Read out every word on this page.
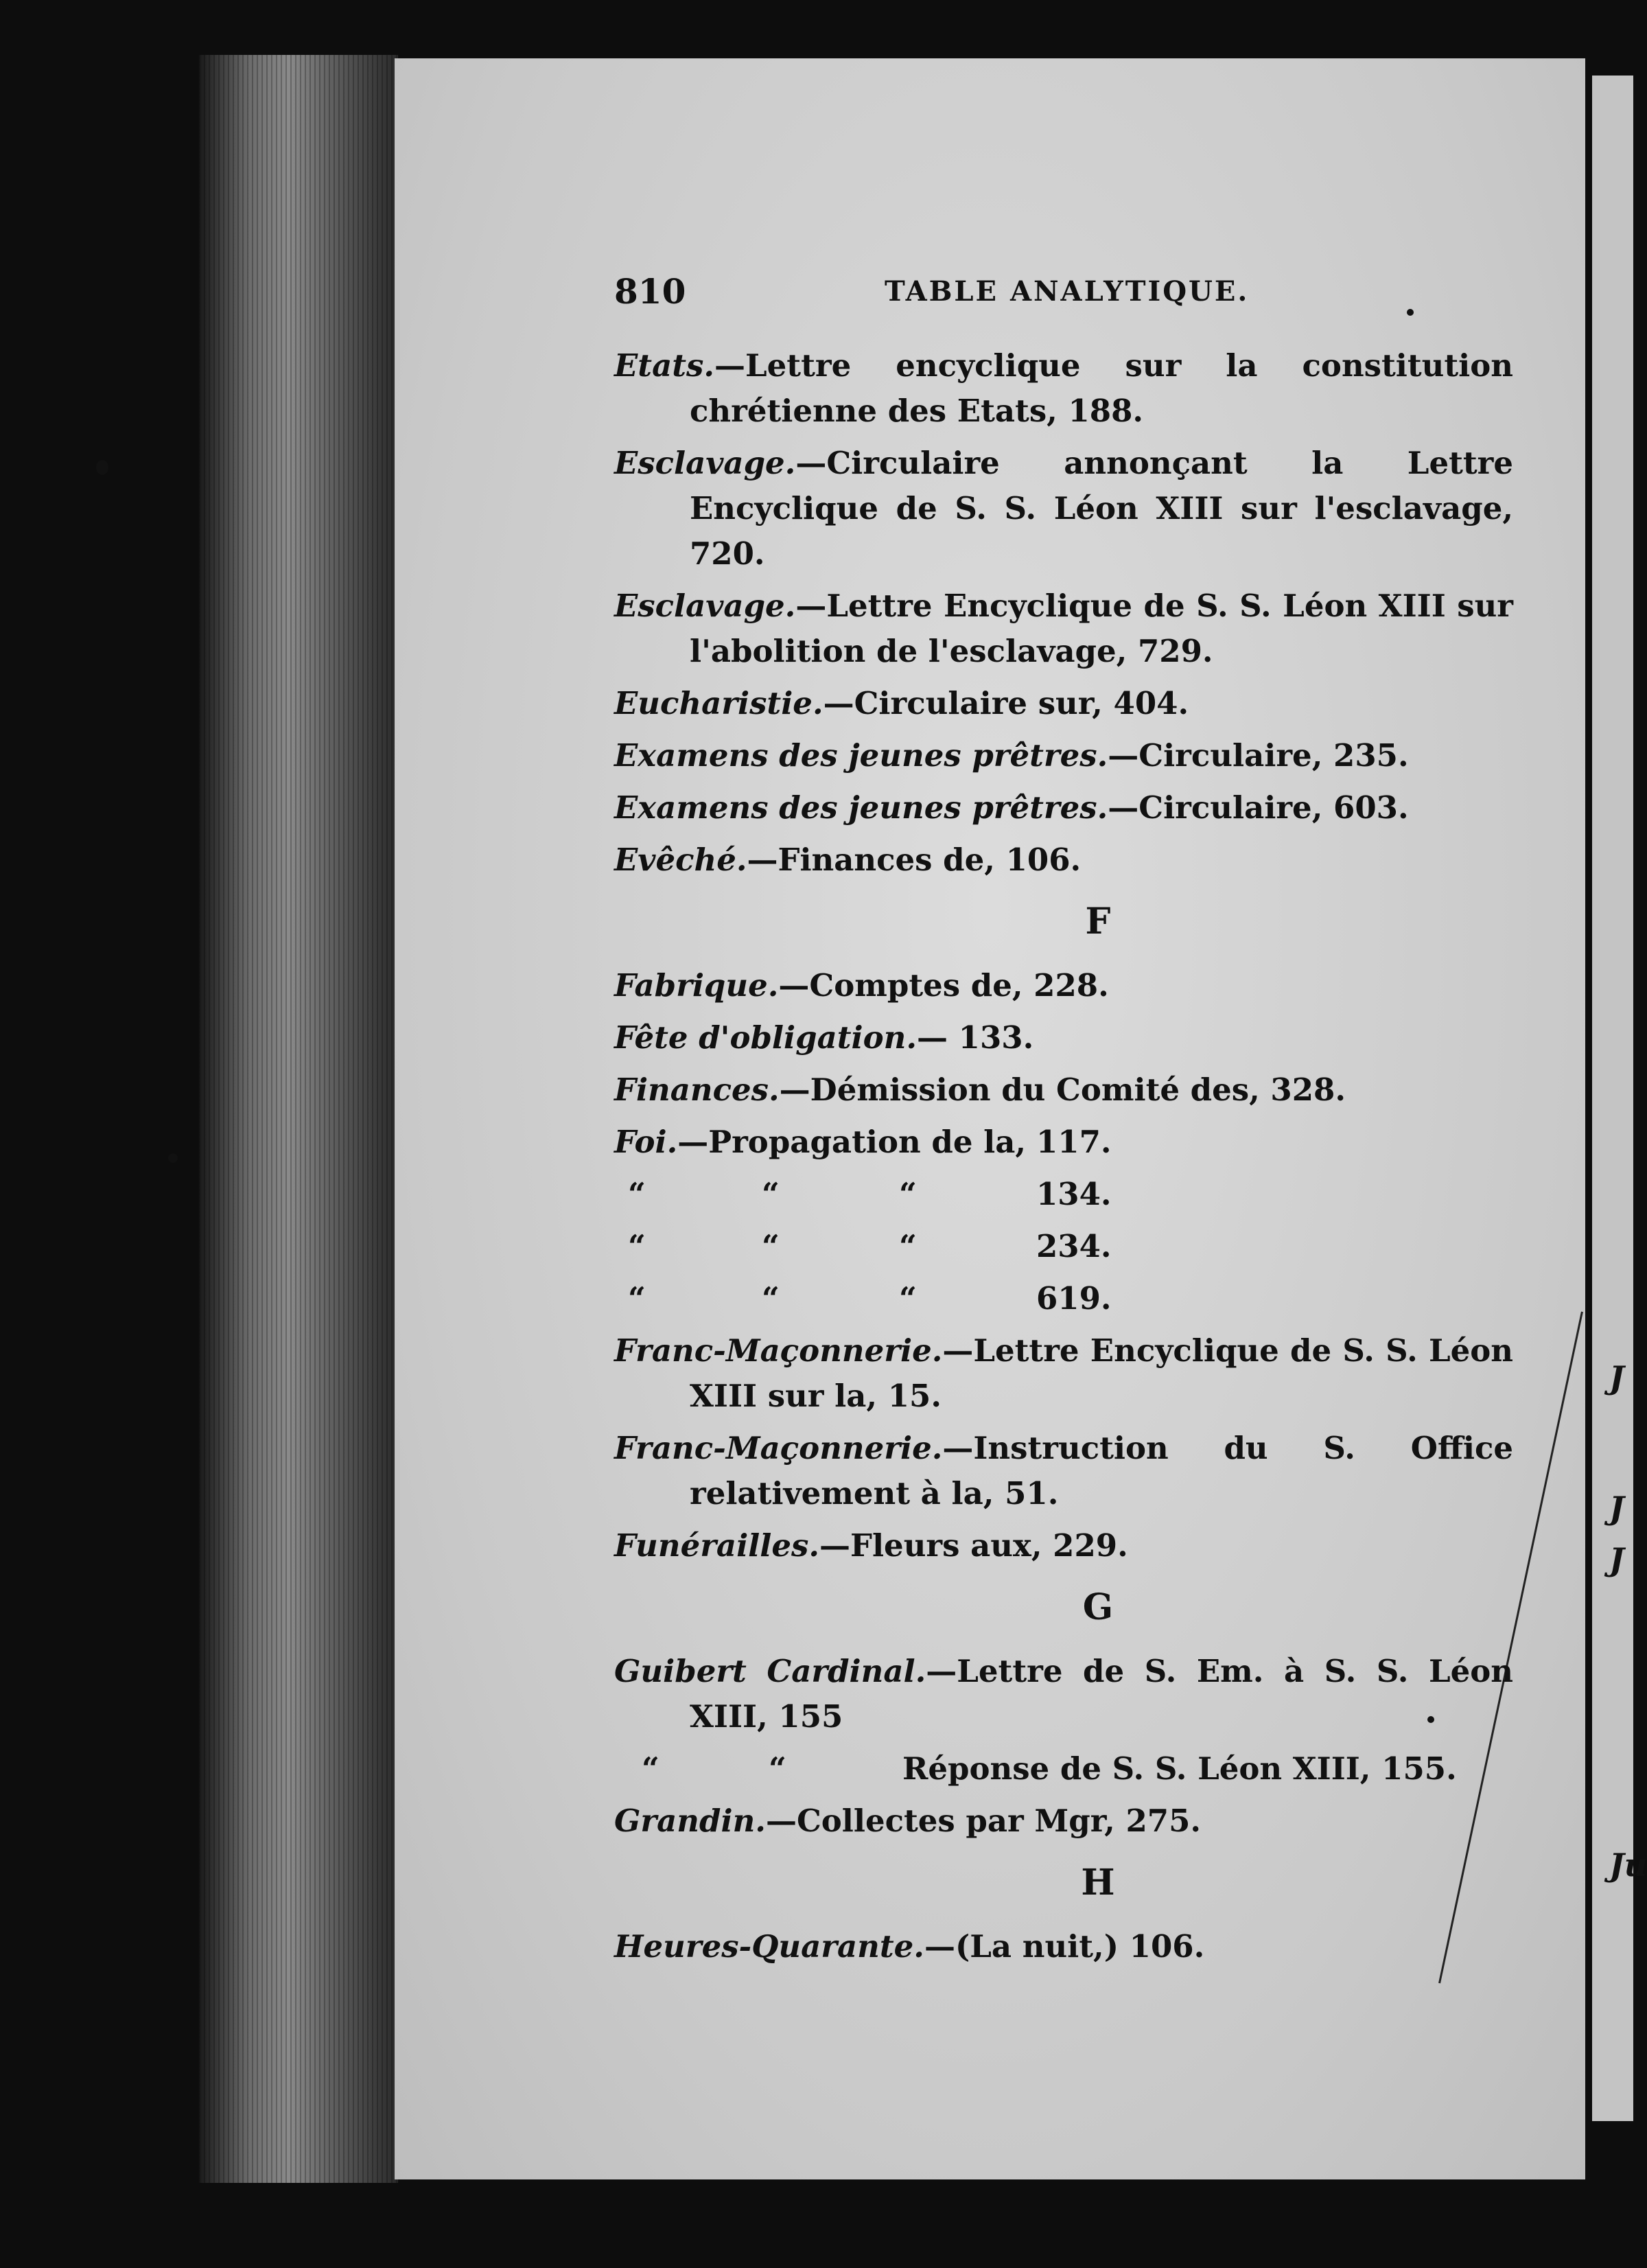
J
J
J
Ju
810	TABLE ANALYTIQUE.
Etats.—Lettre encyclique sur la constitution chrétienne des Etats, 188.
Esclavage.—Circulaire annonçant la Lettre Encyclique de S. S. Léon XIII sur l'esclavage, 720.
Esclavage.—Lettre Encyclique de S. S. Léon XIII sur l'abolition de l'esclavage, 729.
Eucharistie.—Circulaire sur, 404.
Examens des jeunes prêtres.—Circulaire, 235.
Examens des jeunes prêtres.—Circulaire, 603.
Evêché.—Finances de, 106.
F
Fabrique.—Comptes de, 228.
Fête d'obligation.— 133.
Finances.—Démission du Comité des, 328.
Foi.—Propagation de la, 117.
“	“	“	134.
“	“	“	234.
“	“	“	619.
Franc-Maçonnerie.—Lettre Encyclique de S. S. Léon XIII sur la, 15.
Franc-Maçonnerie.—Instruction du S. Office relativement à la, 51.
Funérailles.—Fleurs aux, 229.
G
Guibert Cardinal.—Lettre de S. Em. à S. S. Léon XIII, 155
“	“	Réponse de S. S. Léon XIII, 155.
Grandin.—Collectes par Mgr, 275.
H
Heures-Quarante.—(La nuit,) 106.
